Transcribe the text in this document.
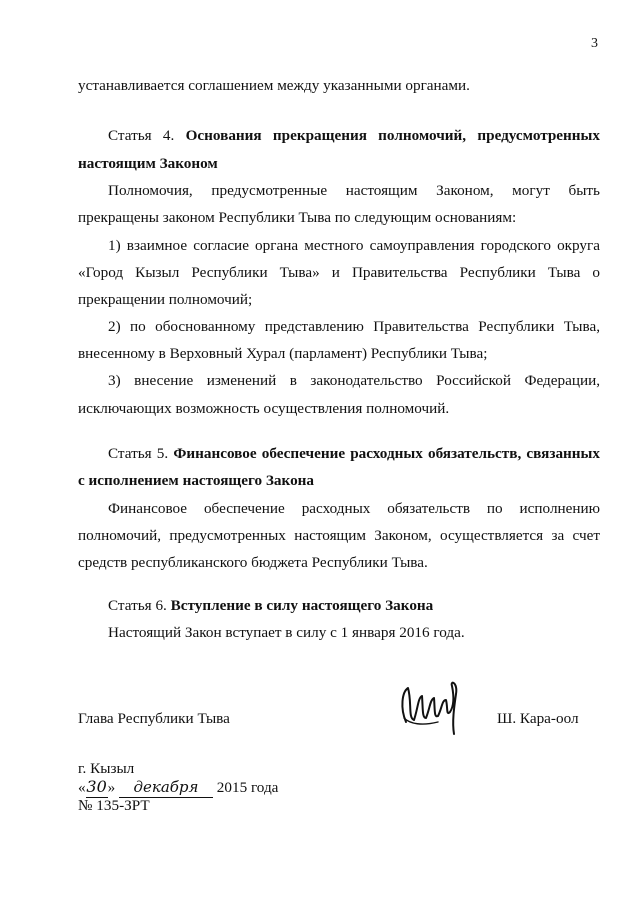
3
устанавливается соглашением между указанными органами.
Статья 4. Основания прекращения полномочий, предусмотренных
настоящим Законом
Полномочия, предусмотренные настоящим Законом, могут быть
прекращены законом Республики Тыва по следующим основаниям:
1) взаимное согласие органа местного самоуправления городского округа
«Город Кызыл Республики Тыва» и Правительства Республики Тыва о
прекращении полномочий;
2) по обоснованному представлению Правительства Республики Тыва,
внесенному в Верховный Хурал (парламент) Республики Тыва;
3) внесение изменений в законодательство Российской Федерации,
исключающих возможность осуществления полномочий.
Статья 5. Финансовое обеспечение расходных обязательств, связанных
с исполнением настоящего Закона
Финансовое обеспечение расходных обязательств по исполнению
полномочий, предусмотренных настоящим Законом, осуществляется за счет
средств республиканского бюджета Республики Тыва.
Статья 6. Вступление в силу настоящего Закона
Настоящий Закон вступает в силу с 1 января 2016 года.
Глава Республики Тыва	Ш. Кара-оол
г. Кызыл
«30» декабря 2015 года
№ 135-ЗРТ
